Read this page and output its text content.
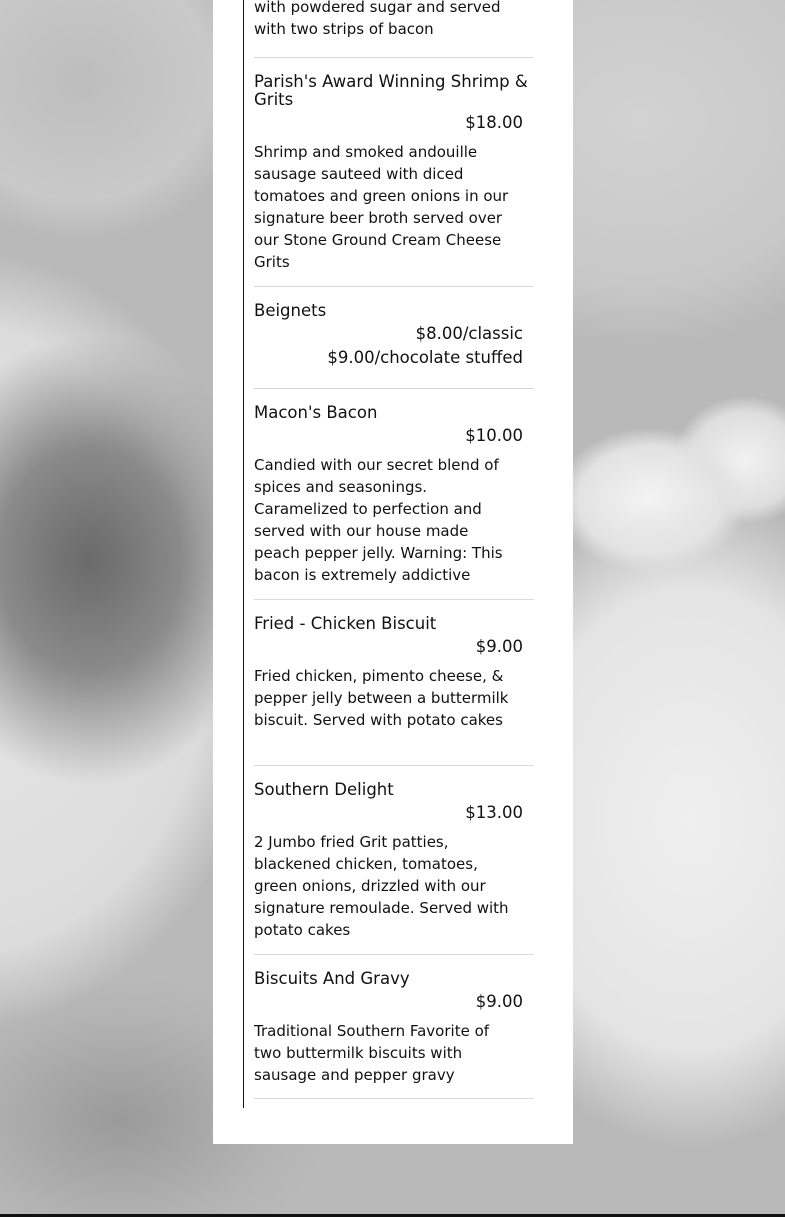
with powdered sugar and served with two strips of bacon
Parish's Award Winning Shrimp & Grits
$18.00
Shrimp and smoked andouille sausage sauteed with diced tomatoes and green onions in our signature beer broth served over our Stone Ground Cream Cheese Grits
Beignets
$8.00/classic
$9.00/chocolate stuffed
Macon's Bacon
$10.00
Candied with our secret blend of spices and seasonings. Caramelized to perfection and served with our house made peach pepper jelly. Warning: This bacon is extremely addictive
Fried - Chicken Biscuit
$9.00
Fried chicken, pimento cheese, & pepper jelly between a buttermilk biscuit. Served with potato cakes
Southern Delight
$13.00
2 Jumbo fried Grit patties, blackened chicken, tomatoes, green onions, drizzled with our signature remoulade. Served with potato cakes
Biscuits And Gravy
$9.00
Traditional Southern Favorite of two buttermilk biscuits with sausage and pepper gravy
